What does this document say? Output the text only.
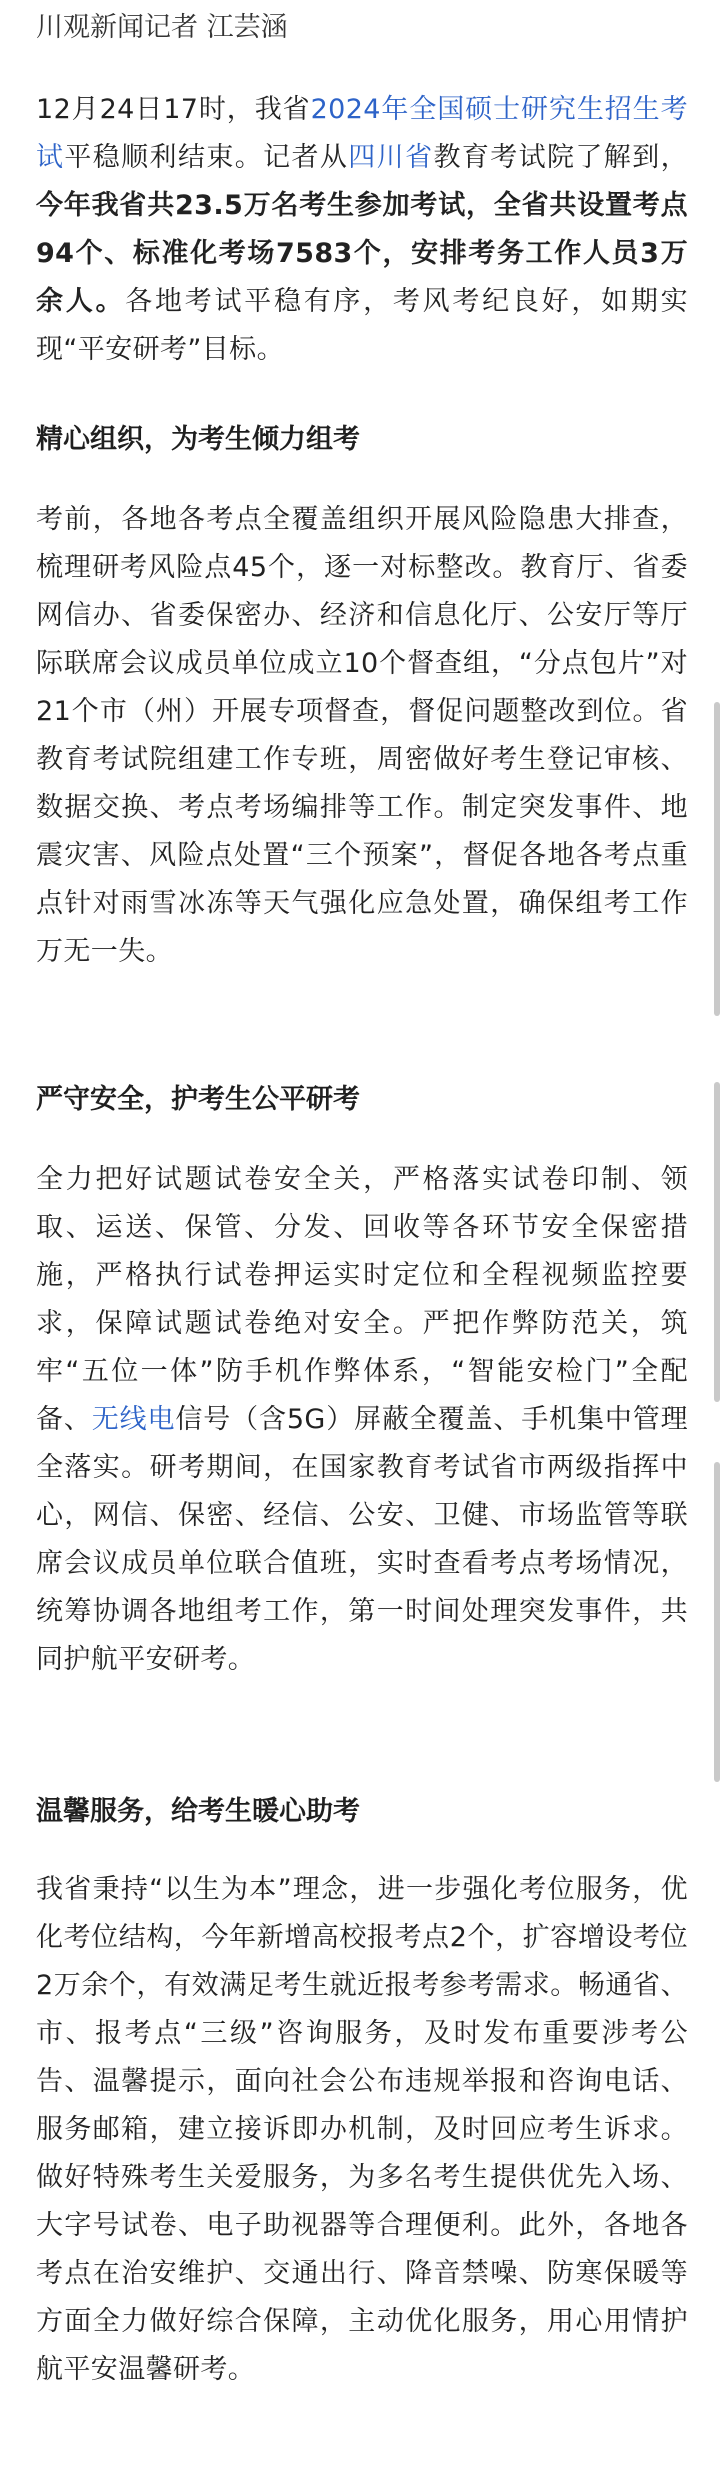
川观新闻记者 江芸涵

12月24日17时，我省2024年全国硕士研究生招生考试平稳顺利结束。记者从四川省教育考试院了解到，今年我省共23.5万名考生参加考试，全省共设置考点94个、标准化考场7583个，安排考务工作人员3万余人。各地考试平稳有序，考风考纪良好，如期实现“平安研考”目标。

精心组织，为考生倾力组考

考前，各地各考点全覆盖组织开展风险隐患大排查，梳理研考风险点45个，逐一对标整改。教育厅、省委网信办、省委保密办、经济和信息化厅、公安厅等厅际联席会议成员单位成立10个督查组，“分点包片”对21个市（州）开展专项督查，督促问题整改到位。省教育考试院组建工作专班，周密做好考生登记审核、数据交换、考点考场编排等工作。制定突发事件、地震灾害、风险点处置“三个预案”，督促各地各考点重点针对雨雪冰冻等天气强化应急处置，确保组考工作万无一失。

严守安全，护考生公平研考

全力把好试题试卷安全关，严格落实试卷印制、领取、运送、保管、分发、回收等各环节安全保密措施，严格执行试卷押运实时定位和全程视频监控要求，保障试题试卷绝对安全。严把作弊防范关，筑牢“五位一体”防手机作弊体系，“智能安检门”全配备、无线电信号（含5G）屏蔽全覆盖、手机集中管理全落实。研考期间，在国家教育考试省市两级指挥中心，网信、保密、经信、公安、卫健、市场监管等联席会议成员单位联合值班，实时查看考点考场情况，统筹协调各地组考工作，第一时间处理突发事件，共同护航平安研考。

温馨服务，给考生暖心助考

我省秉持“以生为本”理念，进一步强化考位服务，优化考位结构，今年新增高校报考点2个，扩容增设考位2万余个，有效满足考生就近报考参考需求。畅通省、市、报考点“三级”咨询服务，及时发布重要涉考公告、温馨提示，面向社会公布违规举报和咨询电话、服务邮箱，建立接诉即办机制，及时回应考生诉求。做好特殊考生关爱服务，为多名考生提供优先入场、大字号试卷、电子助视器等合理便利。此外，各地各考点在治安维护、交通出行、降音禁噪、防寒保暖等方面全力做好综合保障，主动优化服务，用心用情护航平安温馨研考。
